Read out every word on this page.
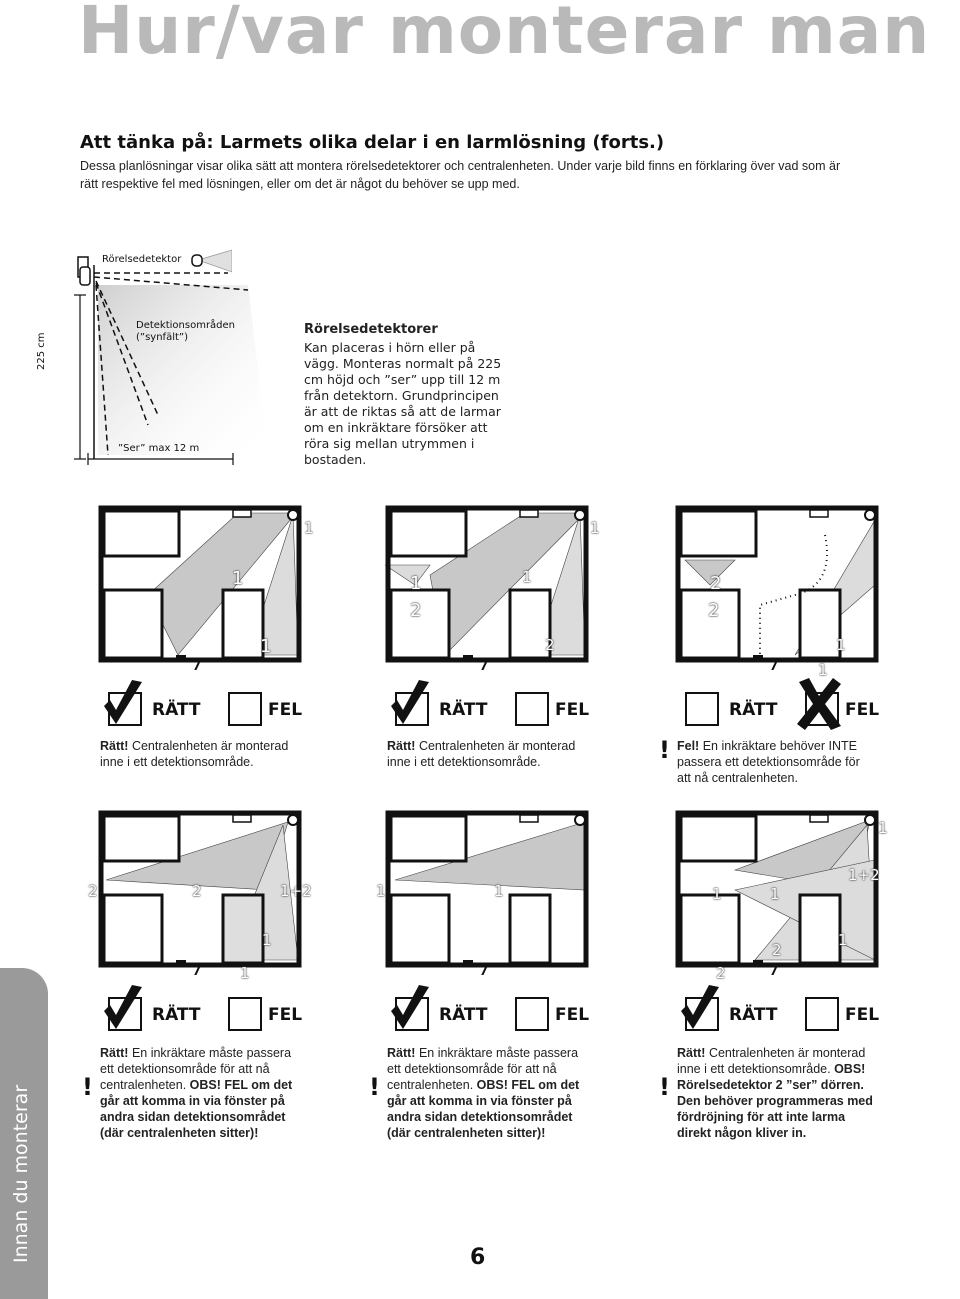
Hur/var monterar man
Att tänka på: Larmets olika delar i en larmlösning (forts.)
Dessa planlösningar visar olika sätt att montera rörelsedetektorer och centralenheten. Under varje bild finns en förklaring över vad som är rätt respektive fel med lösningen, eller om det är något du behöver se upp med.
Rörelsedetektor
225 cm
Detektionsområden
(”synfält”)
”Ser” max 12 m
Rörelsedetektorer
Kan placeras i hörn eller på vägg. Monteras normalt på 225 cm höjd och ”ser” upp till 12 m från detektorn. Grundprincipen är att de riktas så att de larmar om en inkräktare försöker att röra sig mellan utrymmen i bostaden.
1
1
1
RÄTT	FEL
Rätt! Centralenheten är monterad inne i ett detektionsområde.
1
2
1
2
1
RÄTT	FEL
Rätt! Centralenheten är monterad inne i ett detektionsområde.
2
2
1
1
RÄTT	FEL
Fel! En inkräktare behöver INTE passera ett detektionsområde för att nå centralenheten.
!
2	2	1+2
1
1
RÄTT	FEL
Rätt! En inkräktare måste passera ett detektionsområde för att nå centralenheten. OBS! FEL om det går att komma in via fönster på andra sidan detektionsområdet (där centralenheten sitter)!
!
1	1
RÄTT	FEL
Rätt! En inkräktare måste passera ett detektionsområde för att nå centralenheten. OBS! FEL om det går att komma in via fönster på andra sidan detektionsområdet (där centralenheten sitter)!
!
1	1
1+2
1
2
1
2
RÄTT	FEL
Rätt! Centralenheten är monterad inne i ett detektionsområde. OBS! Rörelsedetektor 2 ”ser” dörren. Den behöver programmeras med fördröjning för att inte larma direkt någon kliver in.
!
Innan du monterar	6
